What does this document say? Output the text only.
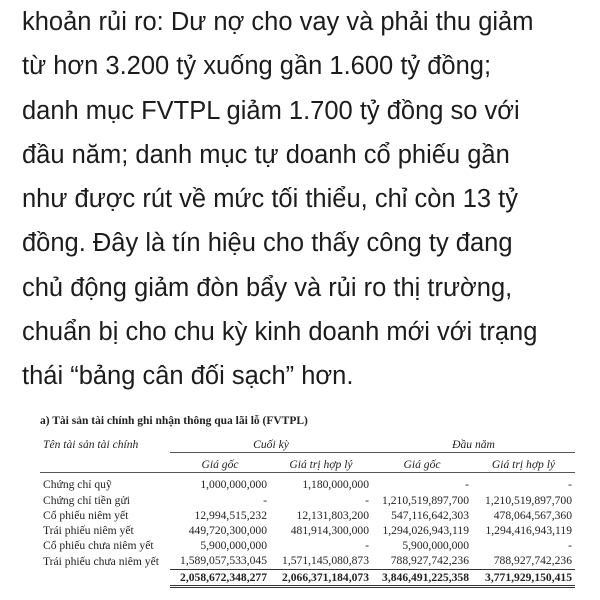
khoản rủi ro: Dư nợ cho vay và phải thu giảm
từ hơn 3.200 tỷ xuống gần 1.600 tỷ đồng;
danh mục FVTPL giảm 1.700 tỷ đồng so với
đầu năm; danh mục tự doanh cổ phiếu gần
như được rút về mức tối thiểu, chỉ còn 13 tỷ
đồng. Đây là tín hiệu cho thấy công ty đang
chủ động giảm đòn bẩy và rủi ro thị trường,
chuẩn bị cho chu kỳ kinh doanh mới với trạng
thái “bảng cân đối sạch” hơn.
a) Tài sản tài chính ghi nhận thông qua lãi lỗ (FVTPL)
Tên tài sản tài chính	Cuối kỳ		Đầu năm	

	Giá gốc	Giá trị hợp lý	Giá gốc	Giá trị hợp lý

Chứng chỉ quỹ	1,000,000,000	1,180,000,000	-	-
Chứng chỉ tiền gửi	-	-	1,210,519,897,700	1,210,519,897,700
Cổ phiếu niêm yết	12,994,515,232	12,131,803,200	547,116,642,303	478,064,567,360
Trái phiếu niêm yết	449,720,300,000	481,914,300,000	1,294,026,943,119	1,294,416,943,119
Cổ phiếu chưa niêm yết	5,900,000,000	-	5,900,000,000	-
Trái phiếu chưa niêm yết	1,589,057,533,045	1,571,145,080,873	788,927,742,236	788,927,742,236
	2,058,672,348,277	2,066,371,184,073	3,846,491,225,358	3,771,929,150,415
